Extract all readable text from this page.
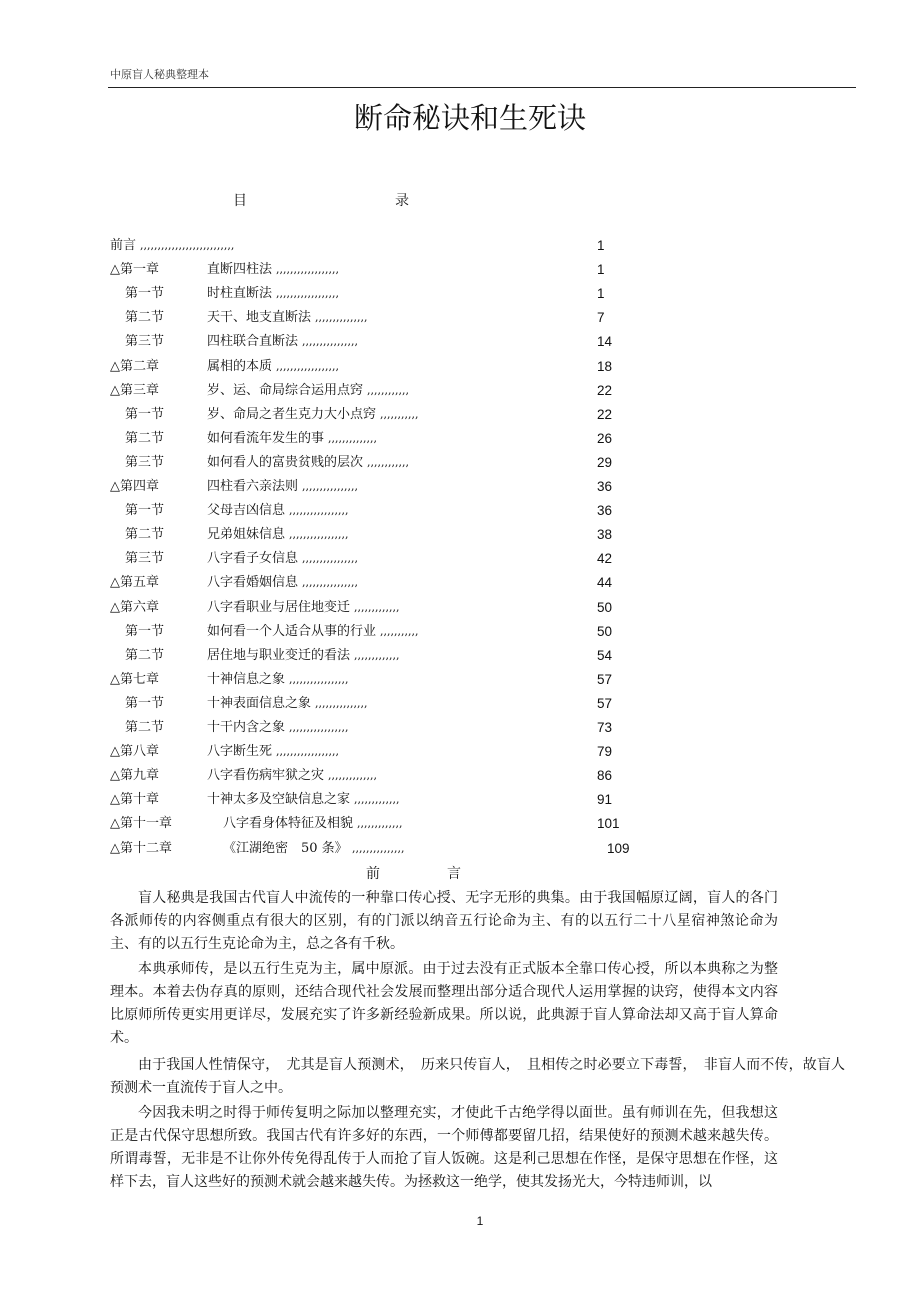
中原盲人秘典整理本
断命秘诀和生死诀
目	录
前言 ,,,,,,,,,,,,,,,,,,,,,,,,,,,	1
△第一章	直断四柱法 ,,,,,,,,,,,,,,,,,,	1
第一节	时柱直断法 ,,,,,,,,,,,,,,,,,,	1
第二节	天干、地支直断法 ,,,,,,,,,,,,,,,	7
第三节	四柱联合直断法 ,,,,,,,,,,,,,,,,	14
△第二章	属相的本质 ,,,,,,,,,,,,,,,,,,	18
△第三章	岁、运、命局综合运用点窍 ,,,,,,,,,,,,	22
第一节	岁、命局之者生克力大小点窍 ,,,,,,,,,,,	22
第二节	如何看流年发生的事 ,,,,,,,,,,,,,,	26
第三节	如何看人的富贵贫贱的层次 ,,,,,,,,,,,,	29
△第四章	四柱看六亲法则 ,,,,,,,,,,,,,,,,	36
第一节	父母吉凶信息 ,,,,,,,,,,,,,,,,,	36
第二节	兄弟姐妹信息 ,,,,,,,,,,,,,,,,,	38
第三节	八字看子女信息 ,,,,,,,,,,,,,,,,	42
△第五章	八字看婚姻信息 ,,,,,,,,,,,,,,,,	44
△第六章	八字看职业与居住地变迁 ,,,,,,,,,,,,,	50
第一节	如何看一个人适合从事的行业 ,,,,,,,,,,,	50
第二节	居住地与职业变迁的看法 ,,,,,,,,,,,,,	54
△第七章	十神信息之象 ,,,,,,,,,,,,,,,,,	57
第一节	十神表面信息之象 ,,,,,,,,,,,,,,,	57
第二节	十干内含之象 ,,,,,,,,,,,,,,,,,	73
△第八章	八字断生死 ,,,,,,,,,,,,,,,,,,	79
△第九章	八字看伤病牢狱之灾 ,,,,,,,,,,,,,,	86
△第十章	十神太多及空缺信息之家 ,,,,,,,,,,,,,	91
△第十一章	八字看身体特征及相貌 ,,,,,,,,,,,,,	101
△第十二章	《江湖绝密　50 条》 ,,,,,,,,,,,,,,,	109
前	言

盲人秘典是我国古代盲人中流传的一种靠口传心授、无字无形的典集。由于我国幅原辽阔，盲人的各门各派师传的内容侧重点有很大的区别，有的门派以纳音五行论命为主、有的以五行二十八星宿神煞论命为主、有的以五行生克论命为主，总之各有千秋。

本典承师传，是以五行生克为主，属中原派。由于过去没有正式版本全靠口传心授，所以本典称之为整理本。本着去伪存真的原则，还结合现代社会发展而整理出部分适合现代人运用掌握的诀窍，使得本文内容比原师所传更实用更详尽，发展充实了许多新经验新成果。所以说，此典源于盲人算命法却又高于盲人算命术。

由于我国人性情保守，　尤其是盲人预测术，　历来只传盲人，　且相传之时必要立下毒誓，　非盲人而不传，故盲人预测术一直流传于盲人之中。

今因我未明之时得于师传复明之际加以整理充实，才使此千古绝学得以面世。虽有师训在先，但我想这正是古代保守思想所致。我国古代有许多好的东西，一个师傅都要留几招，结果使好的预测术越来越失传。所谓毒誓，无非是不让你外传免得乱传于人而抢了盲人饭碗。这是利己思想在作怪，是保守思想在作怪，这样下去，盲人这些好的预测术就会越来越失传。为拯救这一绝学，使其发扬光大，今特违师训，以

1
